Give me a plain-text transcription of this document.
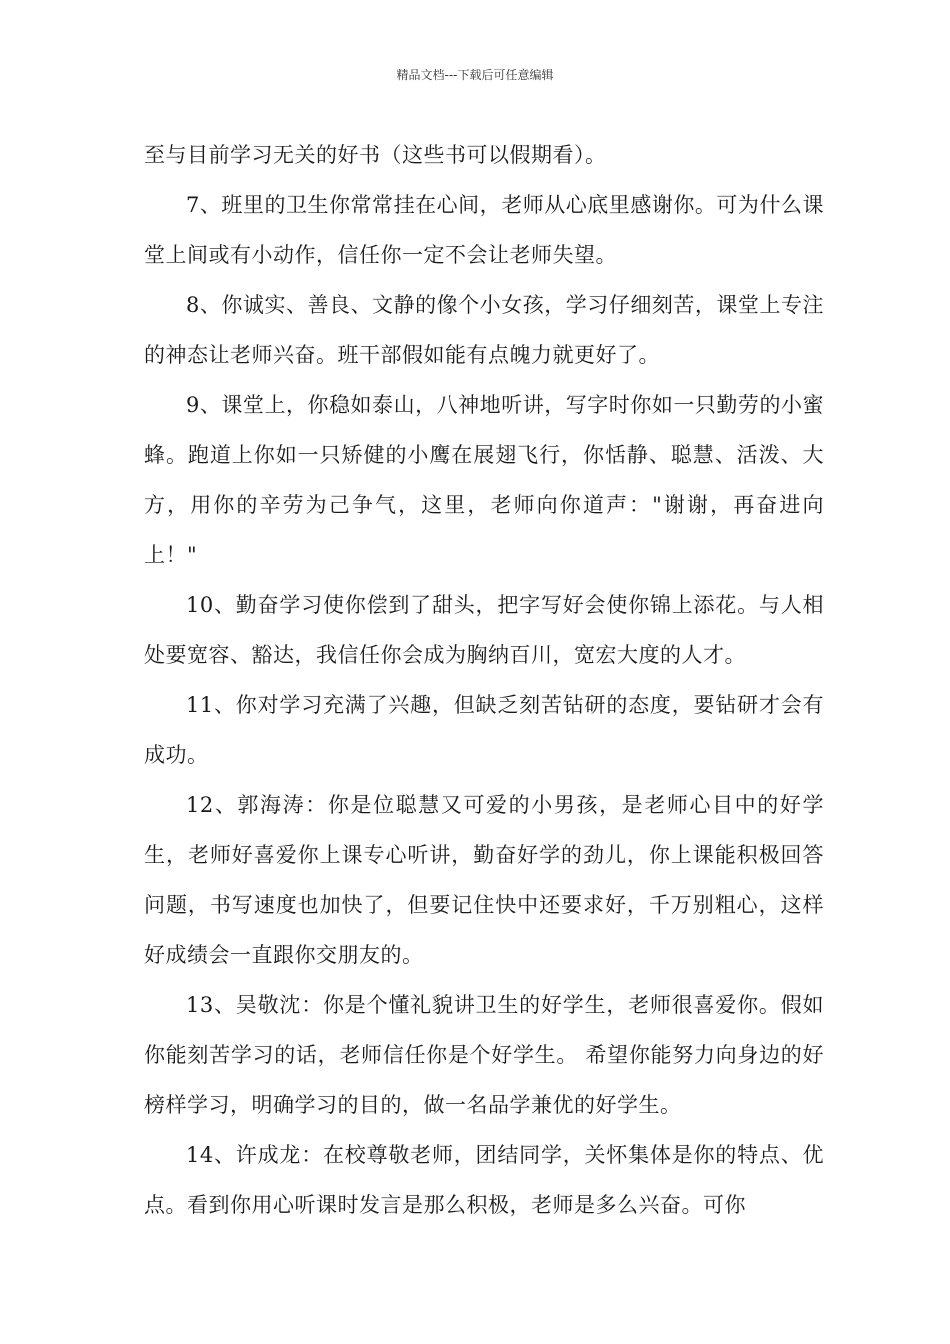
精品文档---下载后可任意编辑

至与目前学习无关的好书（这些书可以假期看）。

7、班里的卫生你常常挂在心间，老师从心底里感谢你。可为什么课堂上间或有小动作，信任你一定不会让老师失望。

8、你诚实、善良、文静的像个小女孩，学习仔细刻苦，课堂上专注的神态让老师兴奋。班干部假如能有点魄力就更好了。

9、课堂上，你稳如泰山，八神地听讲，写字时你如一只勤劳的小蜜蜂。跑道上你如一只矫健的小鹰在展翅飞行，你恬静、聪慧、活泼、大方，用你的辛劳为己争气，这里，老师向你道声："谢谢，再奋进向上！"

10、勤奋学习使你偿到了甜头，把字写好会使你锦上添花。与人相处要宽容、豁达，我信任你会成为胸纳百川，宽宏大度的人才。

11、你对学习充满了兴趣，但缺乏刻苦钻研的态度，要钻研才会有成功。

12、郭海涛：你是位聪慧又可爱的小男孩，是老师心目中的好学生，老师好喜爱你上课专心听讲，勤奋好学的劲儿，你上课能积极回答问题，书写速度也加快了，但要记住快中还要求好，千万别粗心，这样好成绩会一直跟你交朋友的。

13、吴敬沈：你是个懂礼貌讲卫生的好学生，老师很喜爱你。假如你能刻苦学习的话，老师信任你是个好学生。 希望你能努力向身边的好榜样学习，明确学习的目的，做一名品学兼优的好学生。

14、许成龙：在校尊敬老师，团结同学，关怀集体是你的特点、优点。看到你用心听课时发言是那么积极，老师是多么兴奋。可你
